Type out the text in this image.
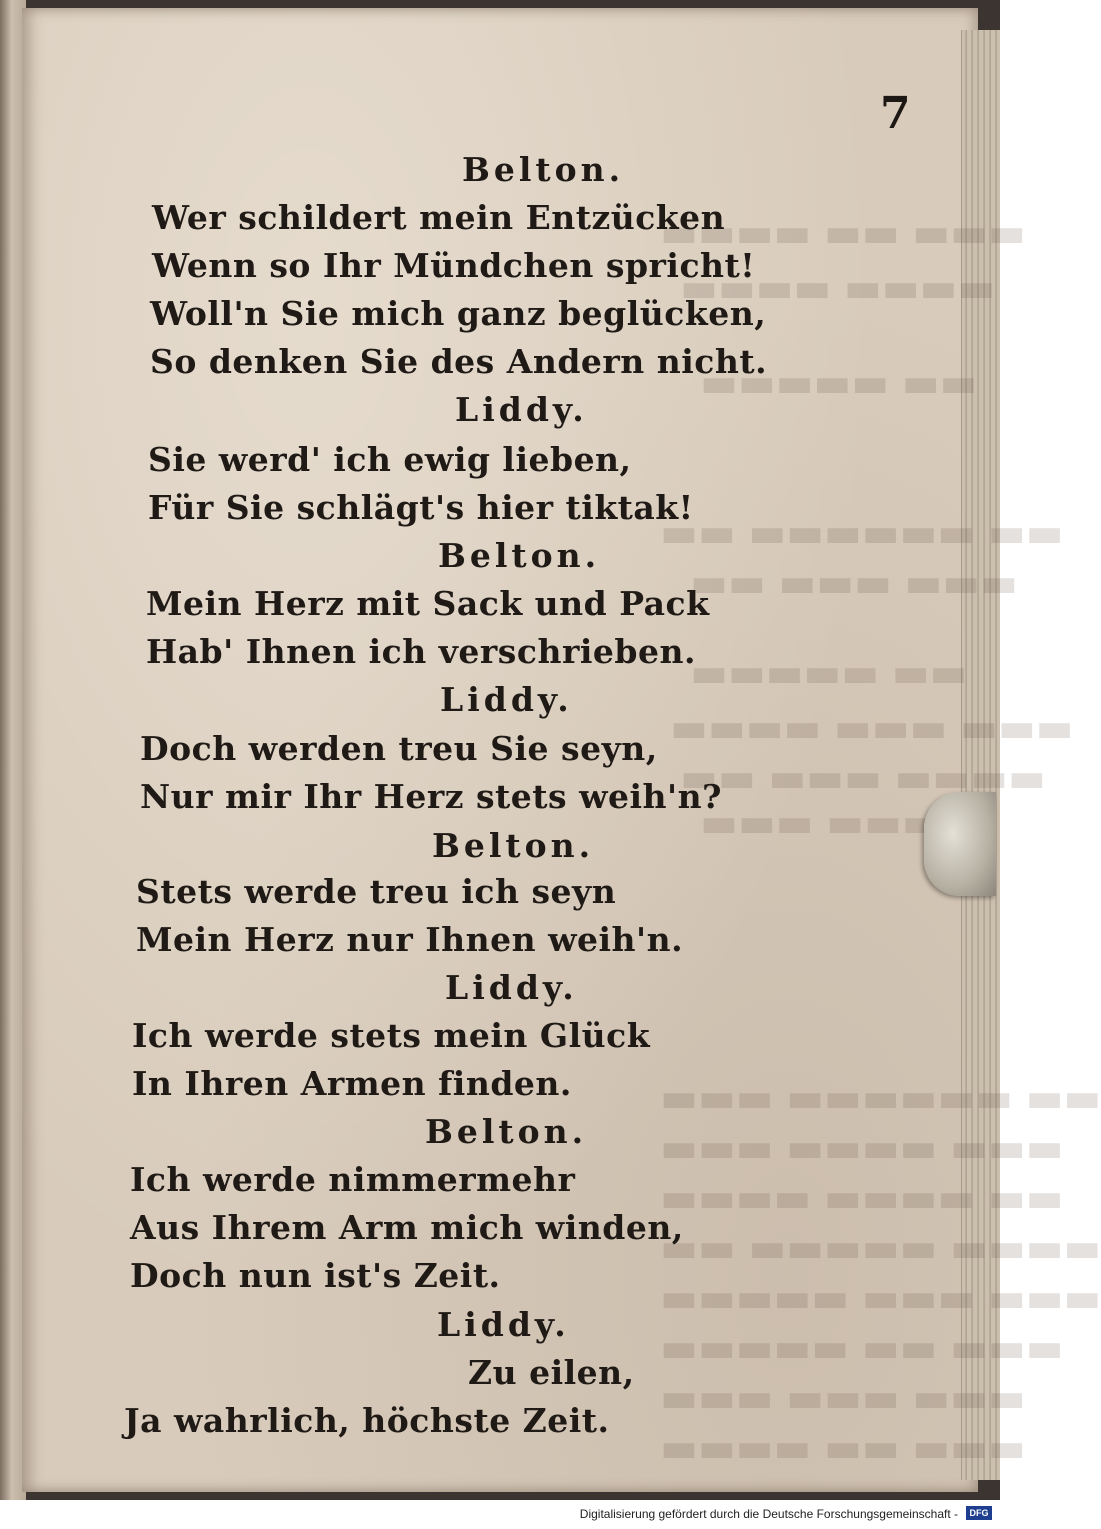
▬▬
▬▬▬
▬▬
▬▬▬
▬▬
▬▬▬▬
▬▬▬
▬▬▬
7
Belton.
Wer schildert mein Entzücken
Wenn so Ihr Mündchen spricht!
Woll'n Sie mich ganz beglücken,
So denken Sie des Andern nicht.
Liddy.
Sie werd' ich ewig lieben,
Für Sie schlägt's hier tiktak!
Belton.
Mein Herz mit Sack und Pack
Hab' Ihnen ich verschrieben.
Liddy.
Doch werden treu Sie seyn,
Nur mir Ihr Herz stets weih'n?
Belton.
Stets werde treu ich seyn
Mein Herz nur Ihnen weih'n.
Liddy.
Ich werde stets mein Glück
In Ihren Armen finden.
Belton.
Ich werde nimmermehr
Aus Ihrem Arm mich winden,
Doch nun ist's Zeit.
Liddy.
Zu eilen,
Ja wahrlich, höchste Zeit.
Digitalisierung gefördert durch die Deutsche Forschungsgemeinschaft -	DFG
